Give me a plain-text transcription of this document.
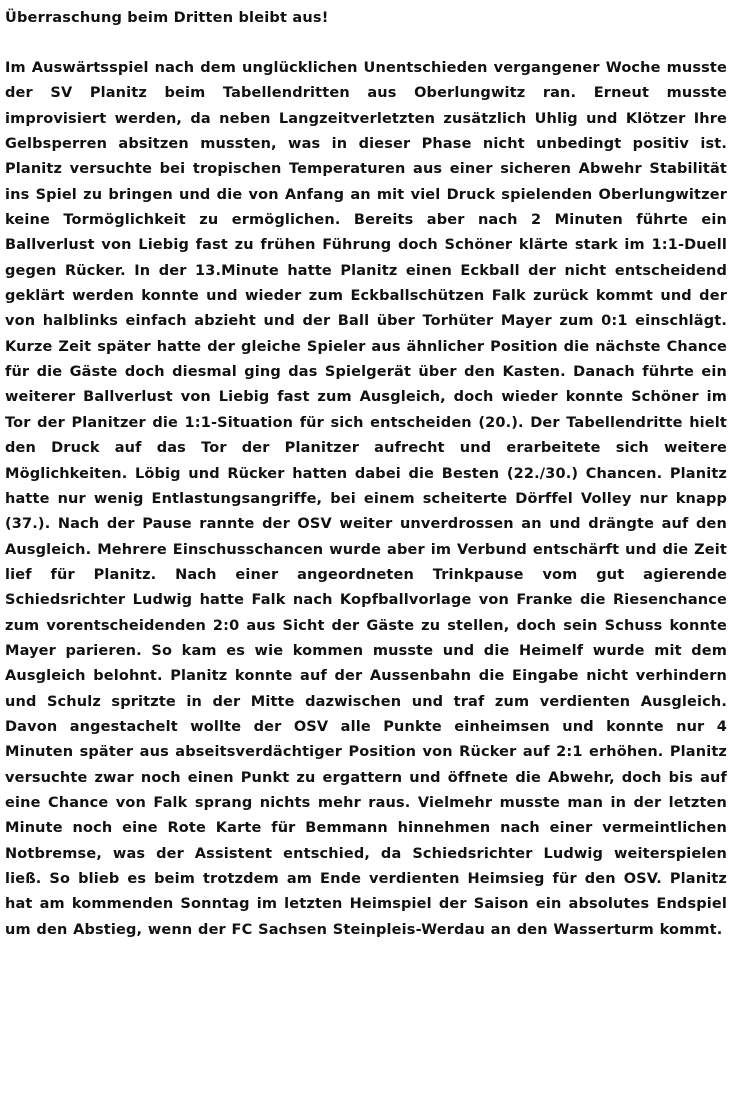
Überraschung beim Dritten bleibt aus!

Im Auswärtsspiel nach dem unglücklichen Unentschieden vergangener Woche musste der SV Planitz beim Tabellendritten aus Oberlungwitz ran. Erneut musste improvisiert werden, da neben Langzeitverletzten zusätzlich Uhlig und Klötzer Ihre Gelbsperren absitzen mussten, was in dieser Phase nicht unbedingt positiv ist. Planitz versuchte bei tropischen Temperaturen aus einer sicheren Abwehr Stabilität ins Spiel zu bringen und die von Anfang an mit viel Druck spielenden Oberlungwitzer keine Tormöglichkeit zu ermöglichen. Bereits aber nach 2 Minuten führte ein Ballverlust von Liebig fast zu frühen Führung doch Schöner klärte stark im 1:1-Duell gegen Rücker. In der 13.Minute hatte Planitz einen Eckball der nicht entscheidend geklärt werden konnte und wieder zum Eckballschützen Falk zurück kommt und der von halblinks einfach abzieht und der Ball über Torhüter Mayer zum 0:1 einschlägt. Kurze Zeit später hatte der gleiche Spieler aus ähnlicher Position die nächste Chance für die Gäste doch diesmal ging das Spielgerät über den Kasten. Danach führte ein weiterer Ballverlust von Liebig fast zum Ausgleich, doch wieder konnte Schöner im Tor der Planitzer die 1:1-Situation für sich entscheiden (20.). Der Tabellendritte hielt den Druck auf das Tor der Planitzer aufrecht und erarbeitete sich weitere Möglichkeiten. Löbig und Rücker hatten dabei die Besten (22./30.) Chancen. Planitz hatte nur wenig Entlastungsangriffe, bei einem scheiterte Dörffel Volley nur knapp (37.). Nach der Pause rannte der OSV weiter unverdrossen an und drängte auf den Ausgleich. Mehrere Einschusschancen wurde aber im Verbund entschärft und die Zeit lief für Planitz. Nach einer angeordneten Trinkpause vom gut agierende Schiedsrichter Ludwig hatte Falk nach Kopfballvorlage von Franke die Riesenchance zum vorentscheidenden 2:0 aus Sicht der Gäste zu stellen, doch sein Schuss konnte Mayer parieren. So kam es wie kommen musste und die Heimelf wurde mit dem Ausgleich belohnt. Planitz konnte auf der Aussenbahn die Eingabe nicht verhindern und Schulz spritzte in der Mitte dazwischen und traf zum verdienten Ausgleich. Davon angestachelt wollte der OSV alle Punkte einheimsen und konnte nur 4 Minuten später aus abseitsverdächtiger Position von Rücker auf 2:1 erhöhen. Planitz versuchte zwar noch einen Punkt zu ergattern und öffnete die Abwehr, doch bis auf eine Chance von Falk sprang nichts mehr raus. Vielmehr musste man in der letzten Minute noch eine Rote Karte für Bemmann hinnehmen nach einer vermeintlichen Notbremse, was der Assistent entschied, da Schiedsrichter Ludwig weiterspielen ließ. So blieb es beim trotzdem am Ende verdienten Heimsieg für den OSV. Planitz hat am kommenden Sonntag im letzten Heimspiel der Saison ein absolutes Endspiel um den Abstieg, wenn der FC Sachsen Steinpleis-Werdau an den Wasserturm kommt.
